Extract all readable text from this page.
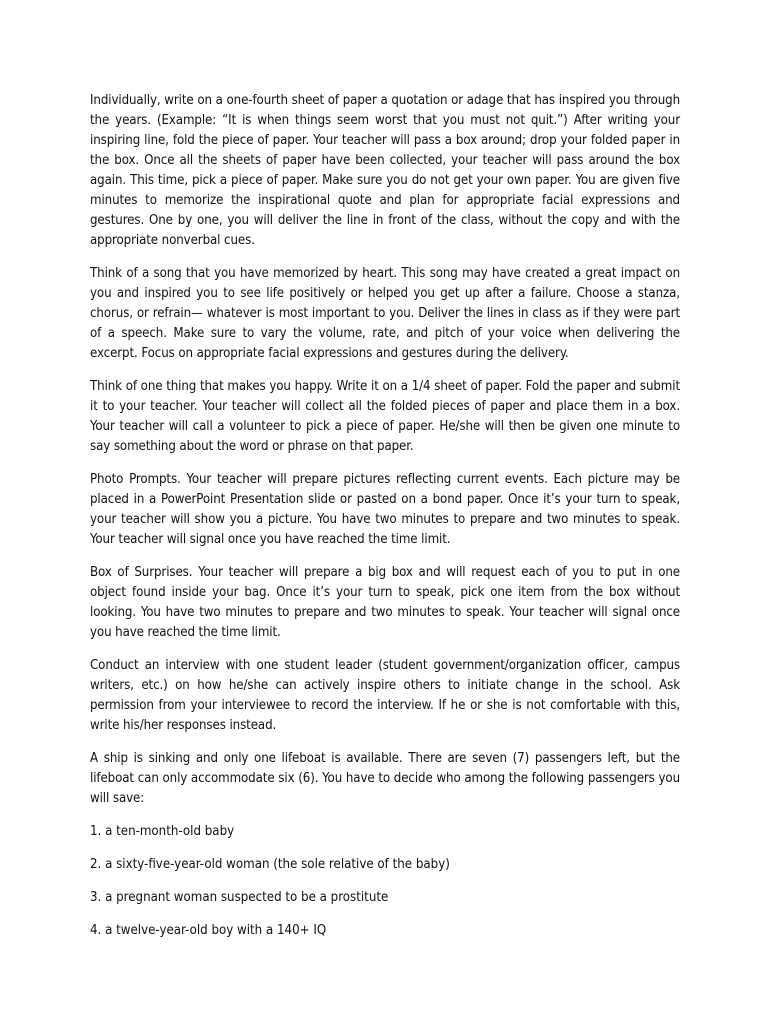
Individually, write on a one-fourth sheet of paper a quotation or adage that has inspired you through the years. (Example: “It is when things seem worst that you must not quit.”) After writing your inspiring line, fold the piece of paper. Your teacher will pass a box around; drop your folded paper in the box. Once all the sheets of paper have been collected, your teacher will pass around the box again. This time, pick a piece of paper. Make sure you do not get your own paper. You are given five minutes to memorize the inspirational quote and plan for appropriate facial expressions and gestures. One by one, you will deliver the line in front of the class, without the copy and with the appropriate nonverbal cues.

Think of a song that you have memorized by heart. This song may have created a great impact on you and inspired you to see life positively or helped you get up after a failure. Choose a stanza, chorus, or refrain— whatever is most important to you. Deliver the lines in class as if they were part of a speech. Make sure to vary the volume, rate, and pitch of your voice when delivering the excerpt. Focus on appropriate facial expressions and gestures during the delivery.

Think of one thing that makes you happy. Write it on a 1/4 sheet of paper. Fold the paper and submit it to your teacher. Your teacher will collect all the folded pieces of paper and place them in a box. Your teacher will call a volunteer to pick a piece of paper. He/she will then be given one minute to say something about the word or phrase on that paper.

Photo Prompts. Your teacher will prepare pictures reflecting current events. Each picture may be placed in a PowerPoint Presentation slide or pasted on a bond paper. Once it’s your turn to speak, your teacher will show you a picture. You have two minutes to prepare and two minutes to speak. Your teacher will signal once you have reached the time limit.

Box of Surprises. Your teacher will prepare a big box and will request each of you to put in one object found inside your bag. Once it’s your turn to speak, pick one item from the box without looking. You have two minutes to prepare and two minutes to speak. Your teacher will signal once you have reached the time limit.

Conduct an interview with one student leader (student government/organization officer, campus writers, etc.) on how he/she can actively inspire others to initiate change in the school. Ask permission from your interviewee to record the interview. If he or she is not comfortable with this, write his/her responses instead.

A ship is sinking and only one lifeboat is available. There are seven (7) passengers left, but the lifeboat can only accommodate six (6). You have to decide who among the following passengers you will save:

1. a ten-month-old baby

2. a sixty-five-year-old woman (the sole relative of the baby)

3. a pregnant woman suspected to be a prostitute

4. a twelve-year-old boy with a 140+ IQ
